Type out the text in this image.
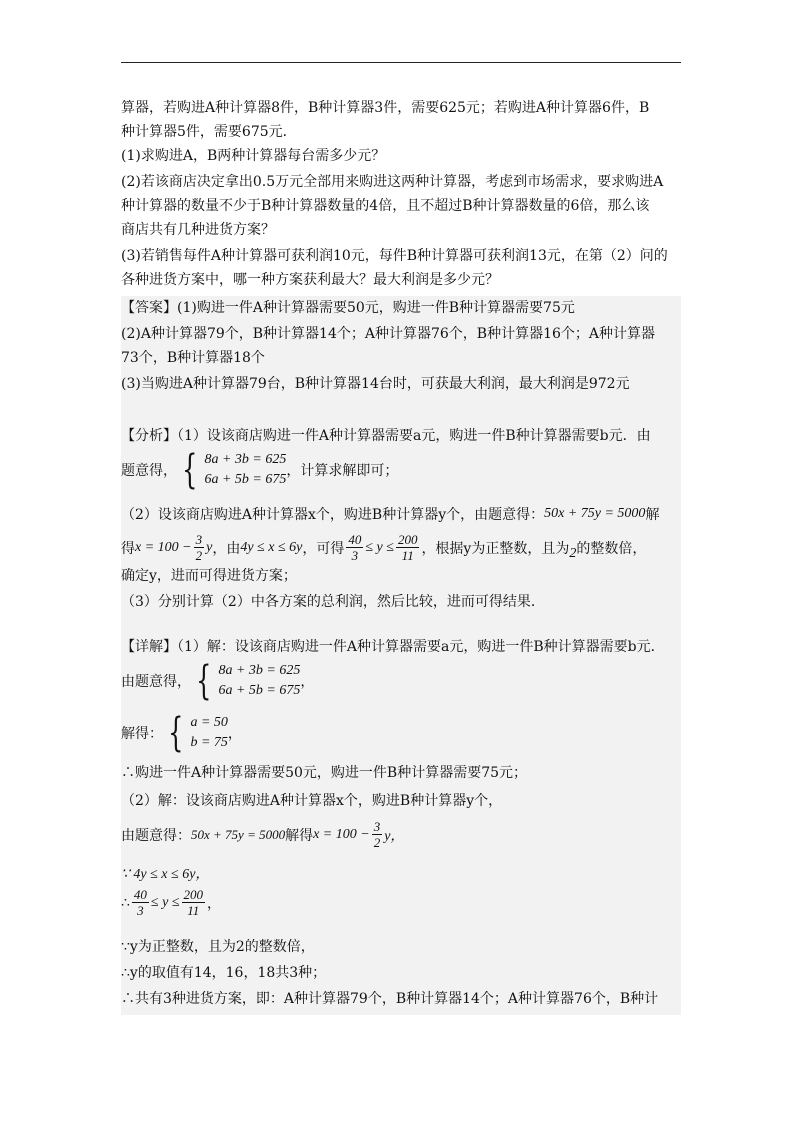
算器，若购进A种计算器8件，B种计算器3件，需要625元；若购进A种计算器6件，B
种计算器5件，需要675元．
(1)求购进A，B两种计算器每台需多少元？
(2)若该商店决定拿出0.5万元全部用来购进这两种计算器，考虑到市场需求，要求购进A
种计算器的数量不少于B种计算器数量的4倍，且不超过B种计算器数量的6倍，那么该
商店共有几种进货方案？
(3)若销售每件A种计算器可获利润10元，每件B种计算器可获利润13元，在第（2）问的
各种进货方案中，哪一种方案获利最大？最大利润是多少元？
【答案】(1)购进一件A种计算器需要50元，购进一件B种计算器需要75元
(2)A种计算器79个，B种计算器14个；A种计算器76个，B种计算器16个；A种计算器
73个，B种计算器18个
(3)当购进A种计算器79台，B种计算器14台时，可获最大利润，最大利润是972元
【分析】（1）设该商店购进一件A种计算器需要a元，购进一件B种计算器需要b元．由
题意得， { 8a + 3b = 625
6a + 5b = 675
，计算求解即可；
（2）设该商店购进A种计算器x个，购进B种计算器y个，由题意得： 50x + 75y = 5000 解
得 $x = 100 - \frac{3}{2}$ y ，由 4y ≤ x ≤ 6y ，可得 $\frac{40}{3} \le y \le \frac{200}{11}$ ，根据y为正整数，且为 2 的整数倍，
确定y，进而可得进货方案；
（3）分别计算（2）中各方案的总利润，然后比较，进而可得结果．
【详解】（1）解：设该商店购进一件A种计算器需要a元，购进一件B种计算器需要b元．
由题意得， { 8a + 3b = 625
6a + 5b = 675
，
解得： { a = 50
b = 75
，
∴购进一件A种计算器需要50元，购进一件B种计算器需要75元；
（2）解：设该商店购进A种计算器x个，购进B种计算器y个，
由题意得： 50x + 75y = 5000 解得 $x = 100 - \frac{3}{2}$ y，
∵ 4y ≤ x ≤ 6y，
∴ $\frac{40}{3} \le y \le \frac{200}{11}$ ，
∵y为正整数，且为2的整数倍，
∴y的取值有14，16，18共3种；
∴共有3种进货方案，即：A种计算器79个，B种计算器14个；A种计算器76个，B种计
